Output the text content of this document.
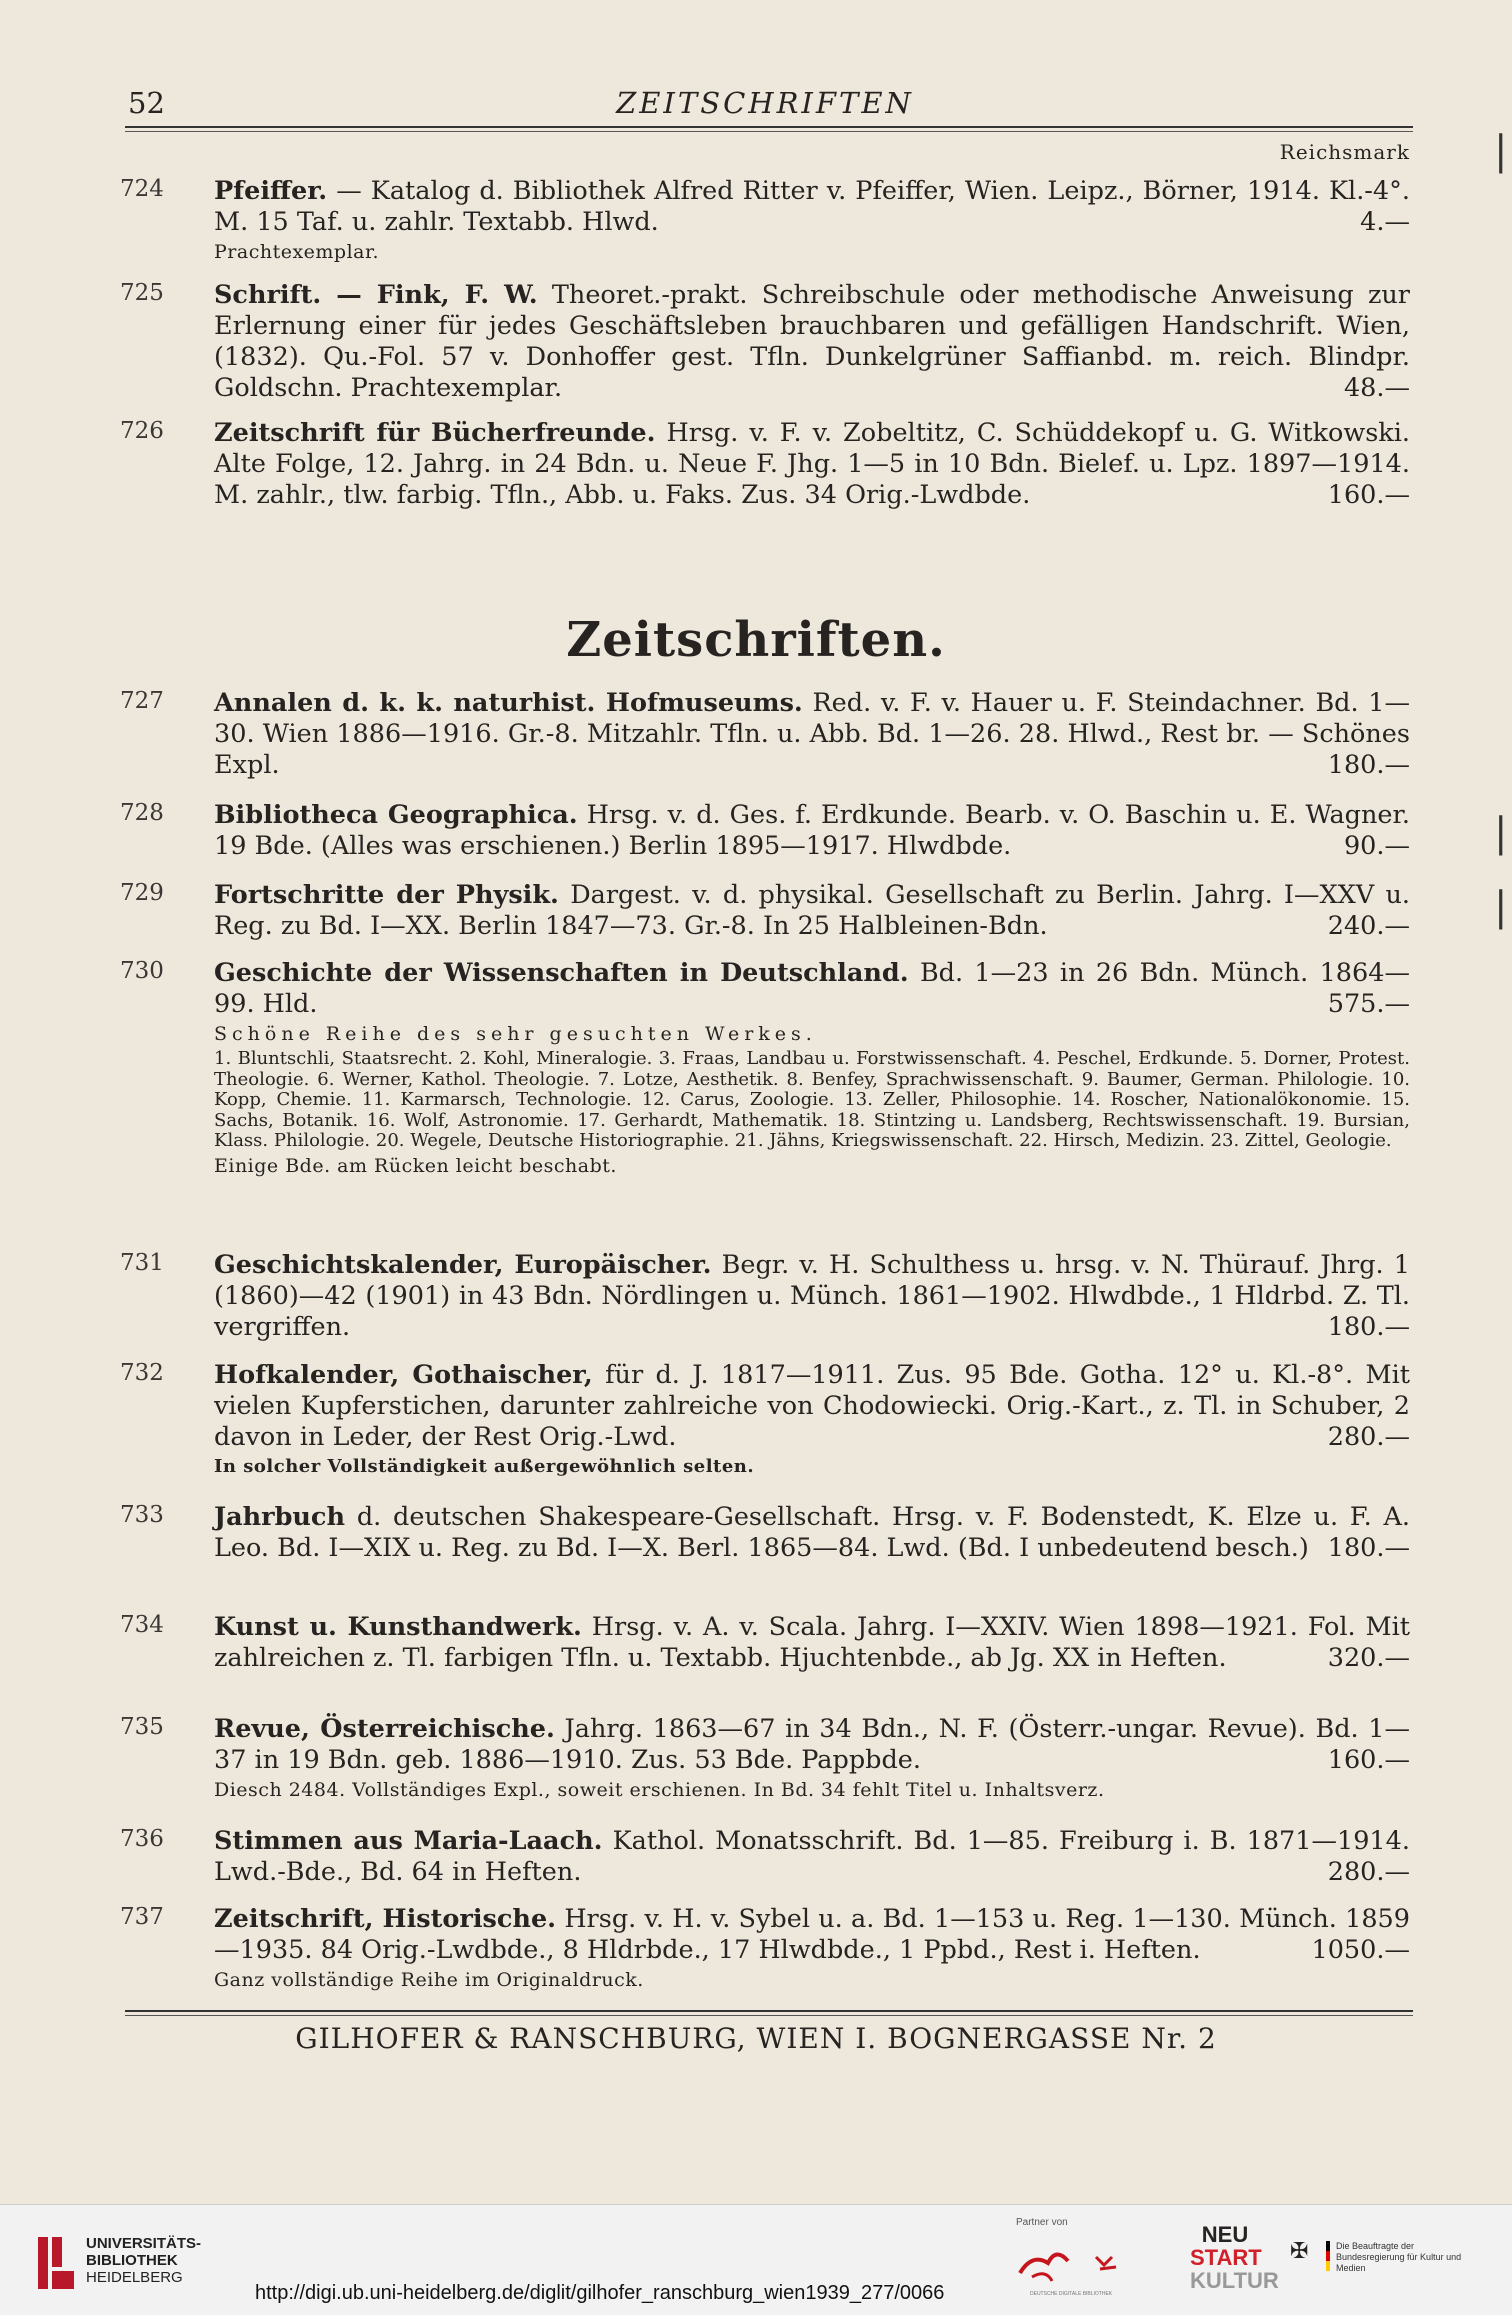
52	ZEITSCHRIFTEN
Reichsmark
724 Pfeiffer. — Katalog d. Bibliothek Alfred Ritter v. Pfeiffer, Wien. Leipz., Börner, 1914. Kl.-4°. M. 15 Taf. u. zahlr. Textabb. Hlwd.	4.—
Prachtexemplar.
725 Schrift. — Fink, F. W. Theoret.-prakt. Schreibschule oder methodische Anweisung zur Erlernung einer für jedes Geschäftsleben brauchbaren und gefälligen Handschrift. Wien, (1832). Qu.-Fol. 57 v. Donhoffer gest. Tfln. Dunkelgrüner Saffianbd. m. reich. Blindpr. Goldschn. Prachtexemplar.	48.—
726 Zeitschrift für Bücherfreunde. Hrsg. v. F. v. Zobeltitz, C. Schüddekopf u. G. Witkowski. Alte Folge, 12. Jahrg. in 24 Bdn. u. Neue F. Jhg. 1—5 in 10 Bdn. Bielef. u. Lpz. 1897—1914. M. zahlr., tlw. farbig. Tfln., Abb. u. Faks. Zus. 34 Orig.-Lwdbde.	160.—
Zeitschriften.
727 Annalen d. k. k. naturhist. Hofmuseums. Red. v. F. v. Hauer u. F. Steindachner. Bd. 1—30. Wien 1886—1916. Gr.-8. Mitzahlr. Tfln. u. Abb. Bd. 1—26. 28. Hlwd., Rest br. — Schönes Expl.	180.—
728 Bibliotheca Geographica. Hrsg. v. d. Ges. f. Erdkunde. Bearb. v. O. Baschin u. E. Wagner. 19 Bde. (Alles was erschienen.) Berlin 1895—1917. Hlwdbde.	90.—
729 Fortschritte der Physik. Dargest. v. d. physikal. Gesellschaft zu Berlin. Jahrg. I—XXV u. Reg. zu Bd. I—XX. Berlin 1847—73. Gr.-8. In 25 Halbleinen-Bdn.	240.—
730 Geschichte der Wissenschaften in Deutschland. Bd. 1—23 in 26 Bdn. Münch. 1864—99. Hld.	575.—
Schöne Reihe des sehr gesuchten Werkes.
1. Bluntschli, Staatsrecht. 2. Kohl, Mineralogie. 3. Fraas, Landbau u. Forstwissenschaft. 4. Peschel, Erdkunde. 5. Dorner, Protest. Theologie. 6. Werner, Kathol. Theologie. 7. Lotze, Aesthetik. 8. Benfey, Sprachwissenschaft. 9. Baumer, German. Philologie. 10. Kopp, Chemie. 11. Karmarsch, Technologie. 12. Carus, Zoologie. 13. Zeller, Philosophie. 14. Roscher, Nationalökonomie. 15. Sachs, Botanik. 16. Wolf, Astronomie. 17. Gerhardt, Mathematik. 18. Stintzing u. Landsberg, Rechtswissenschaft. 19. Bursian, Klass. Philologie. 20. Wegele, Deutsche Historiographie. 21. Jähns, Kriegswissenschaft. 22. Hirsch, Medizin. 23. Zittel, Geologie.
Einige Bde. am Rücken leicht beschabt.
731 Geschichtskalender, Europäischer. Begr. v. H. Schulthess u. hrsg. v. N. Thürauf. Jhrg. 1 (1860)—42 (1901) in 43 Bdn. Nördlingen u. Münch. 1861—1902. Hlwdbde., 1 Hldrbd. Z. Tl. vergriffen.	180.—
732 Hofkalender, Gothaischer, für d. J. 1817—1911. Zus. 95 Bde. Gotha. 12° u. Kl.-8°. Mit vielen Kupferstichen, darunter zahlreiche von Chodowiecki. Orig.-Kart., z. Tl. in Schuber, 2 davon in Leder, der Rest Orig.-Lwd.	280.—
In solcher Vollständigkeit außergewöhnlich selten.
733 Jahrbuch d. deutschen Shakespeare-Gesellschaft. Hrsg. v. F. Bodenstedt, K. Elze u. F. A. Leo. Bd. I—XIX u. Reg. zu Bd. I—X. Berl. 1865—84. Lwd. (Bd. I unbedeutend besch.) 180.—
734 Kunst u. Kunsthandwerk. Hrsg. v. A. v. Scala. Jahrg. I—XXIV. Wien 1898—1921. Fol. Mit zahlreichen z. Tl. farbigen Tfln. u. Textabb. Hjuchtenbde., ab Jg. XX in Heften.	320.—
735 Revue, Österreichische. Jahrg. 1863—67 in 34 Bdn., N. F. (Österr.-ungar. Revue). Bd. 1—37 in 19 Bdn. geb. 1886—1910. Zus. 53 Bde. Pappbde.	160.—
Diesch 2484. Vollständiges Expl., soweit erschienen. In Bd. 34 fehlt Titel u. Inhaltsverz.
736 Stimmen aus Maria-Laach. Kathol. Monatsschrift. Bd. 1—85. Freiburg i. B. 1871—1914. Lwd.-Bde., Bd. 64 in Heften.	280.—
737 Zeitschrift, Historische. Hrsg. v. H. v. Sybel u. a. Bd. 1—153 u. Reg. 1—130. Münch. 1859—1935. 84 Orig.-Lwdbde., 8 Hldrbde., 17 Hlwdbde., 1 Ppbd., Rest i. Heften.	1050.—
Ganz vollständige Reihe im Originaldruck.
GILHOFER & RANSCHBURG, WIEN I. BOGNERGASSE Nr. 2
|
|
|
UNIVERSITÄTS-
BIBLIOTHEK
HEIDELBERG
Partner von
DEUTSCHE DIGITALE BIBLIOTHEK
NEU
START
KULTUR
✠	Die Beauftragte der Bundesregierung für Kultur und Medien
http://digi.ub.uni-heidelberg.de/diglit/gilhofer_ranschburg_wien1939_277/0066
